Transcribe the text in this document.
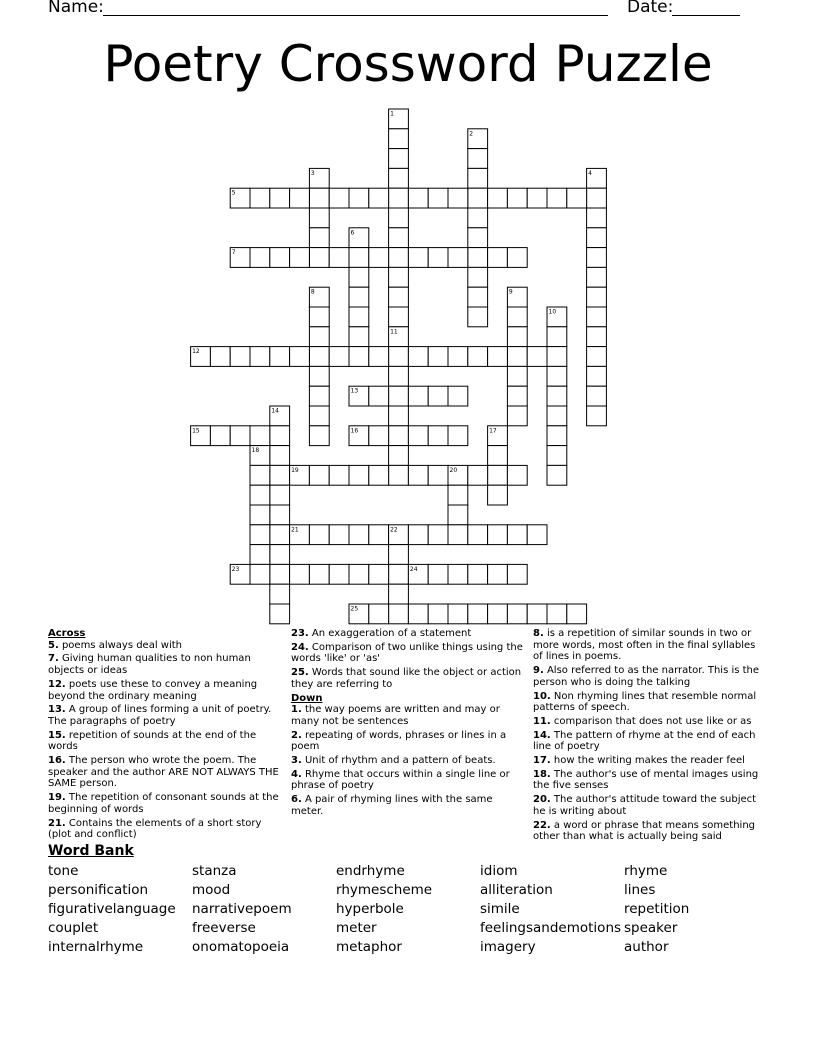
Name:	Date:
Poetry Crossword Puzzle
1
2
3	4
5
6
7
8	9
10
11
12
13
14
15	16	17
18
19	20
21	22
23	24
25

Across

5. poems always deal with

7. Giving human qualities to non human objects or ideas

12. poets use these to convey a meaning beyond the ordinary meaning

13. A group of lines forming a unit of poetry. The paragraphs of poetry

15. repetition of sounds at the end of the words

16. The person who wrote the poem. The speaker and the author ARE NOT ALWAYS THE SAME person.

19. The repetition of consonant sounds at the beginning of words

21. Contains the elements of a short story (plot and conflict)

23. An exaggeration of a statement

24. Comparison of two unlike things using the words 'like' or 'as'

25. Words that sound like the object or action they are referring to

Down

1. the way poems are written and may or many not be sentences

2. repeating of words, phrases or lines in a poem

3. Unit of rhythm and a pattern of beats.

4. Rhyme that occurs within a single line or phrase of poetry

6. A pair of rhyming lines with the same meter.

8. is a repetition of similar sounds in two or more words, most often in the final syllables of lines in poems.

9. Also referred to as the narrator. This is the person who is doing the talking

10. Non rhyming lines that resemble normal patterns of speech.

11. comparison that does not use like or as

14. The pattern of rhyme at the end of each line of poetry

17. how the writing makes the reader feel

18. The author's use of mental images using the five senses

20. The author's attitude toward the subject he is writing about

22. a word or phrase that means something other than what is actually being said

Word Bank
tone
personification
figurativelanguage
couplet
internalrhyme
stanza
mood
narrativepoem
freeverse
onomatopoeia
endrhyme
rhymescheme
hyperbole
meter
metaphor
idiom
alliteration
simile
feelingsandemotions
imagery
rhyme
lines
repetition
speaker
author
